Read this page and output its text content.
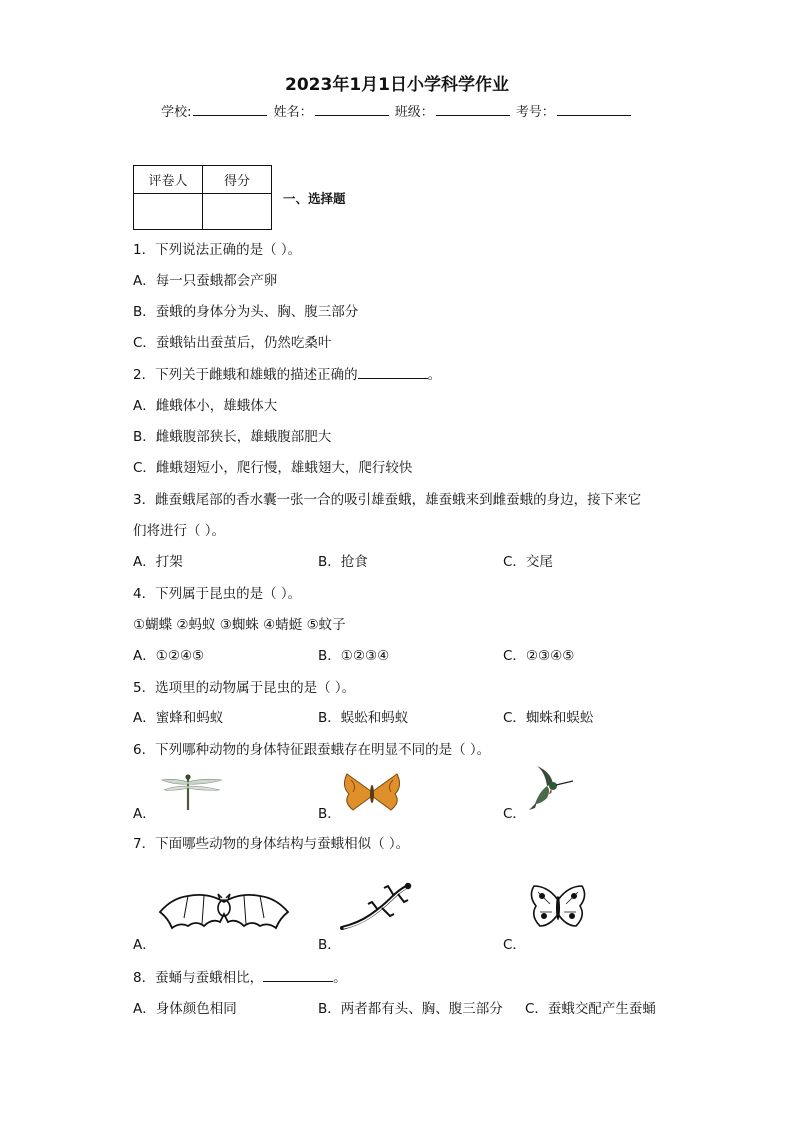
2023年1月1日小学科学作业
学校:	姓名：	班级：	考号：
评卷人	得分

一、选择题
1．下列说法正确的是（ ）。
A．每一只蚕蛾都会产卵
B．蚕蛾的身体分为头、胸、腹三部分
C．蚕蛾钻出蚕茧后，仍然吃桑叶
2．下列关于雌蛾和雄蛾的描述正确的	。
A．雌蛾体小，雄蛾体大
B．雌蛾腹部狭长，雄蛾腹部肥大
C．雌蛾翅短小，爬行慢，雄蛾翅大，爬行较快
3．雌蚕蛾尾部的香水囊一张一合的吸引雄蚕蛾，雄蚕蛾来到雌蚕蛾的身边，接下来它
们将进行（ ）。
A．打架	B．抢食	C．交尾
4．下列属于昆虫的是（ ）。
①蝴蝶 ②蚂蚁 ③蜘蛛 ④蜻蜓 ⑤蚊子
A．①②④⑤	B．①②③④	C．②③④⑤
5．选项里的动物属于昆虫的是（ ）。
A．蜜蜂和蚂蚁	B．蜈蚣和蚂蚁	C．蜘蛛和蜈蚣
6．下列哪种动物的身体特征跟蚕蛾存在明显不同的是（ ）。
A．	B．	C．
7．下面哪些动物的身体结构与蚕蛾相似（ ）。
A．	B．	C．
8．蚕蛹与蚕蛾相比，	。
A．身体颜色相同	B．两者都有头、胸、腹三部分 C．蚕蛾交配产生蚕蛹
